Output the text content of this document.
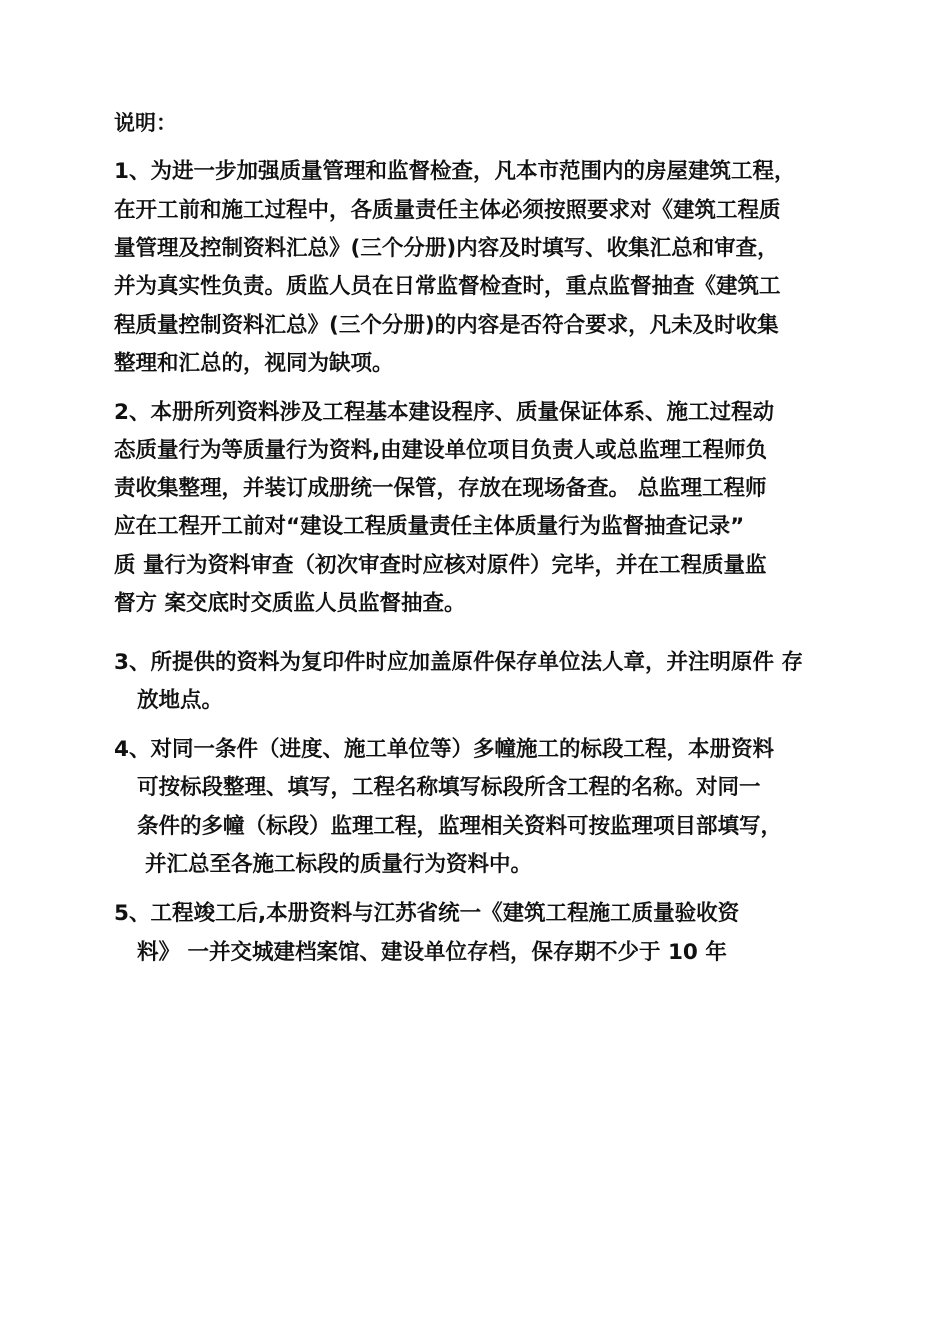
说明：
1、为进一步加强质量管理和监督检查，凡本市范围内的房屋建筑工程，
在开工前和施工过程中，各质量责任主体必须按照要求对《建筑工程质
量管理及控制资料汇总》(三个分册)内容及时填写、收集汇总和审查，
并为真实性负责。质监人员在日常监督检查时，重点监督抽查《建筑工
程质量控制资料汇总》(三个分册)的内容是否符合要求，凡未及时收集
整理和汇总的，视同为缺项。
2、本册所列资料涉及工程基本建设程序、质量保证体系、施工过程动
态质量行为等质量行为资料,由建设单位项目负责人或总监理工程师负
责收集整理，并装订成册统一保管，存放在现场备查。 总监理工程师
应在工程开工前对“建设工程质量责任主体质量行为监督抽查记录”
质 量行为资料审查（初次审查时应核对原件）完毕，并在工程质量监
督方 案交底时交质监人员监督抽查。
3、所提供的资料为复印件时应加盖原件保存单位法人章，并注明原件 存
放地点。
4、对同一条件（进度、施工单位等）多幢施工的标段工程，本册资料
可按标段整理、填写，工程名称填写标段所含工程的名称。对同一
条件的多幢（标段）监理工程，监理相关资料可按监理项目部填写，
并汇总至各施工标段的质量行为资料中。
5、工程竣工后,本册资料与江苏省统一《建筑工程施工质量验收资
料》 一并交城建档案馆、建设单位存档，保存期不少于 10 年
